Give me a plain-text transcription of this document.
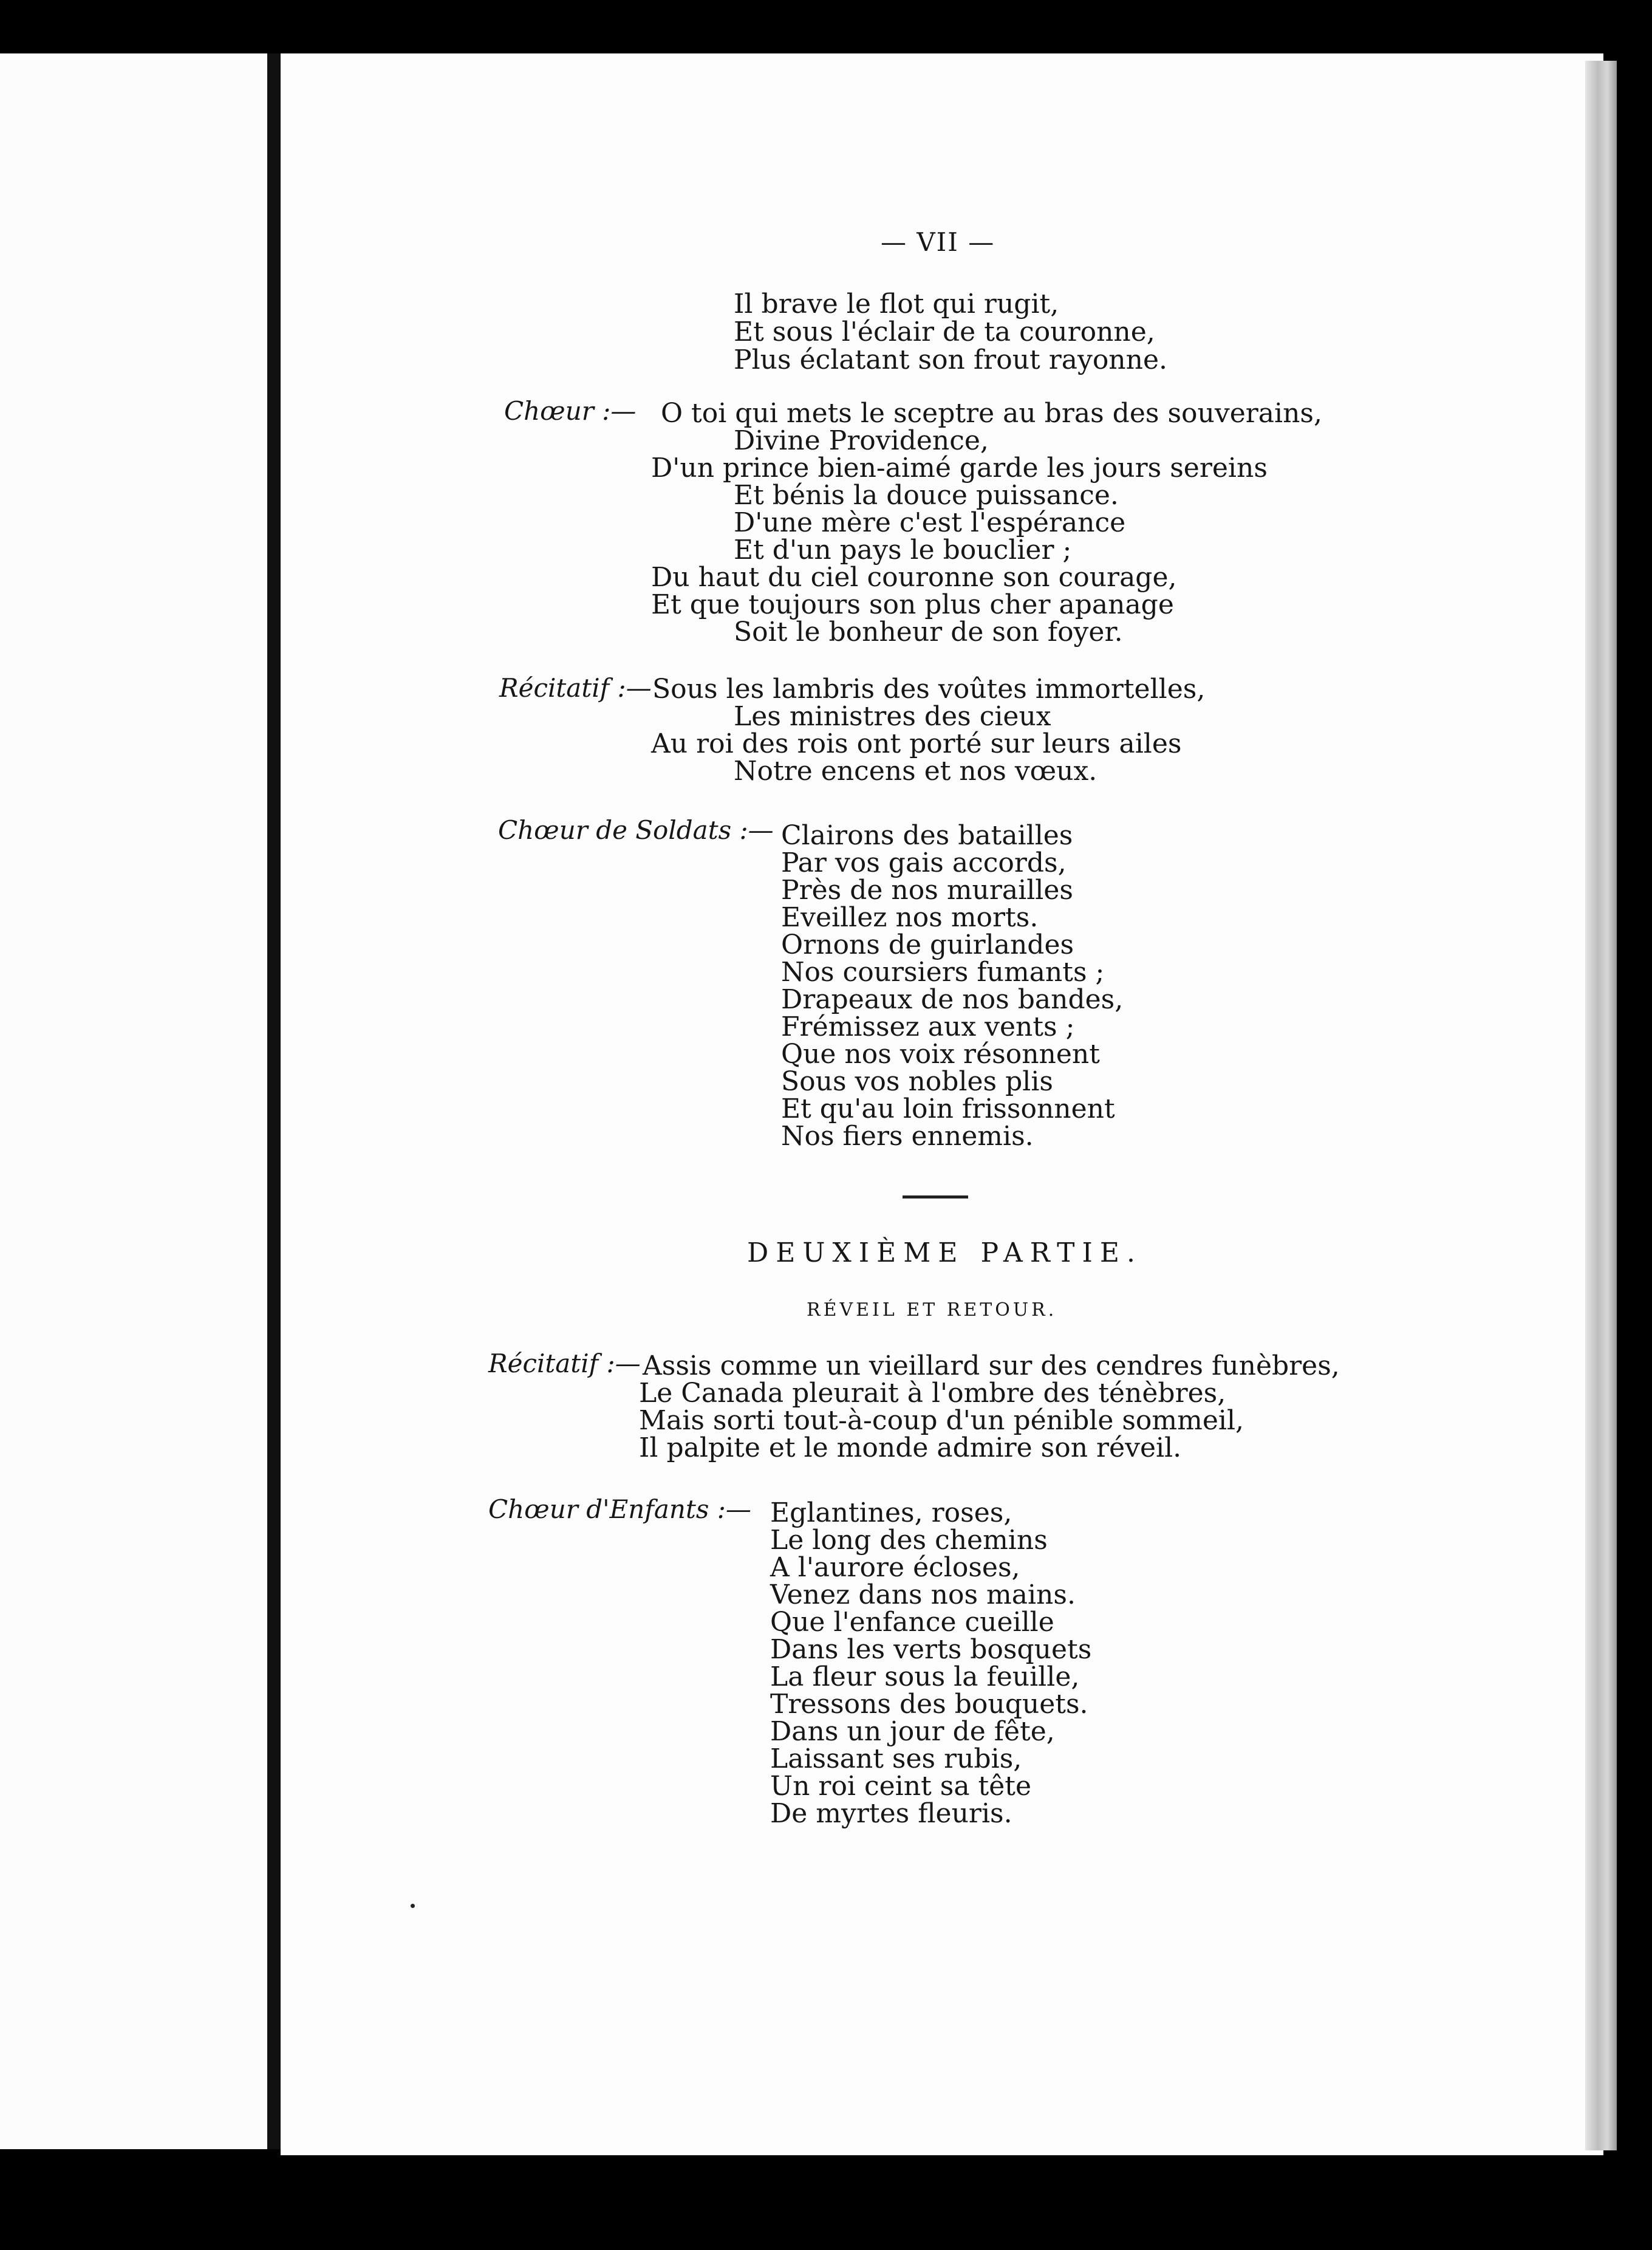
— VII —
Il brave le flot qui rugit,
Et sous l'éclair de ta couronne,
Plus éclatant son frout rayonne.
Chœur :— O toi qui mets le sceptre au bras des souverains,
Divine Providence,
D'un prince bien-aimé garde les jours sereins
Et bénis la douce puissance.
D'une mère c'est l'espérance
Et d'un pays le bouclier ;
Du haut du ciel couronne son courage,
Et que toujours son plus cher apanage
Soit le bonheur de son foyer.
Récitatif :— Sous les lambris des voûtes immortelles,
Les ministres des cieux
Au roi des rois ont porté sur leurs ailes
Notre encens et nos vœux.
Chœur de Soldats :— Clairons des batailles
Par vos gais accords,
Près de nos murailles
Eveillez nos morts.
Ornons de guirlandes
Nos coursiers fumants ;
Drapeaux de nos bandes,
Frémissez aux vents ;
Que nos voix résonnent
Sous vos nobles plis
Et qu'au loin frissonnent
Nos fiers ennemis.
DEUXIÈME PARTIE.
RÉVEIL ET RETOUR.
Récitatif :— Assis comme un vieillard sur des cendres funèbres,
Le Canada pleurait à l'ombre des ténèbres,
Mais sorti tout-à-coup d'un pénible sommeil,
Il palpite et le monde admire son réveil.
Chœur d'Enfants :— Eglantines, roses,
Le long des chemins
A l'aurore écloses,
Venez dans nos mains.
Que l'enfance cueille
Dans les verts bosquets
La fleur sous la feuille,
Tressons des bouquets.
Dans un jour de fête,
Laissant ses rubis,
Un roi ceint sa tête
De myrtes fleuris.
